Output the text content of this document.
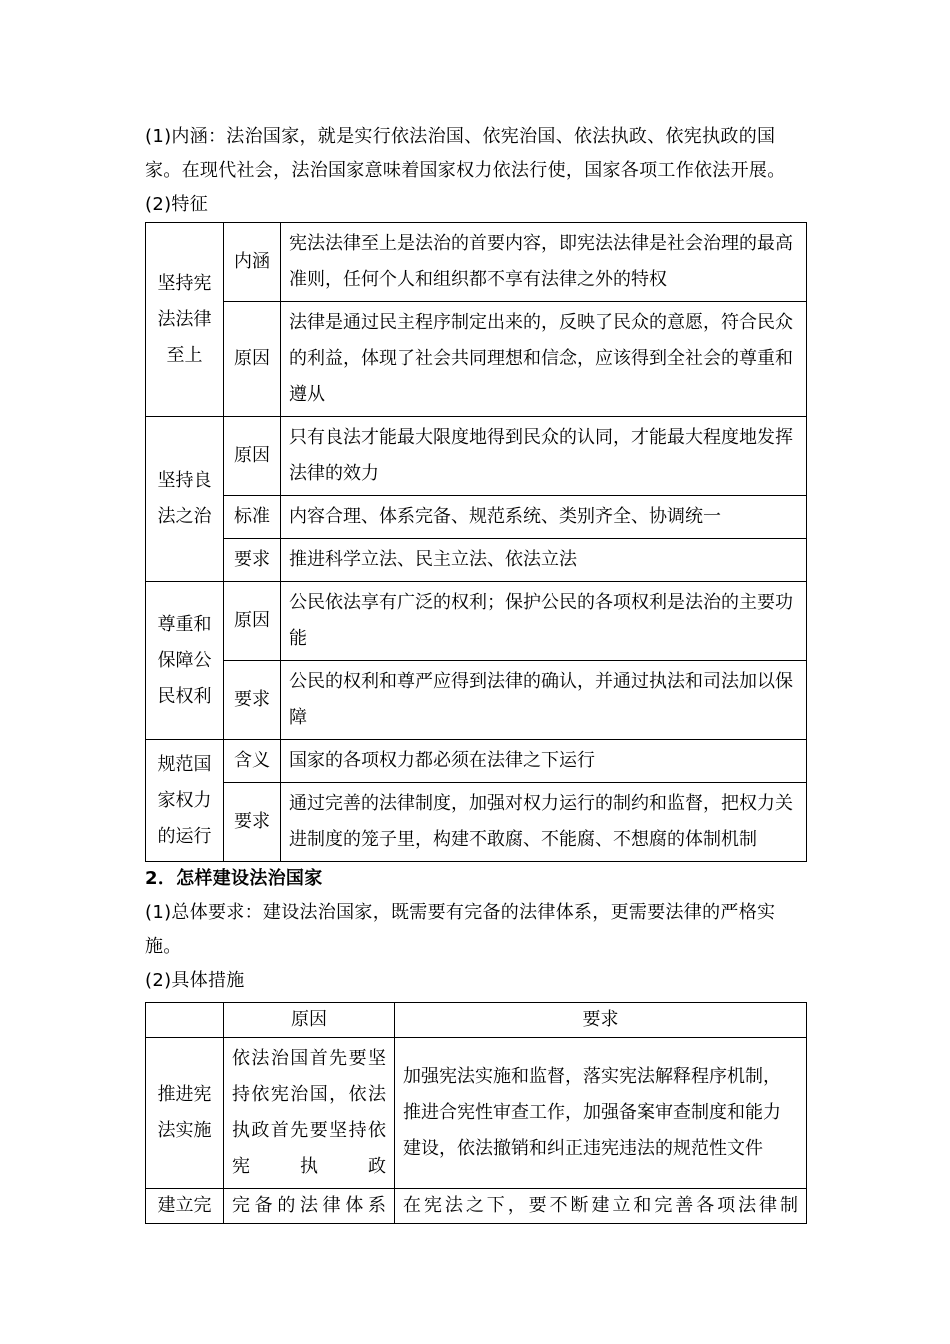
(1)内涵：法治国家，就是实行依法治国、依宪治国、依法执政、依宪执政的国家。在现代社会，法治国家意味着国家权力依法行使，国家各项工作依法开展。

(2)特征

坚持宪法法律至上	内涵	宪法法律至上是法治的首要内容，即宪法法律是社会治理的最高准则，任何个人和组织都不享有法律之外的特权
	原因	法律是通过民主程序制定出来的，反映了民众的意愿，符合民众的利益，体现了社会共同理想和信念，应该得到全社会的尊重和遵从
坚持良法之治	原因	只有良法才能最大限度地得到民众的认同，才能最大程度地发挥法律的效力
	标准	内容合理、体系完备、规范系统、类别齐全、协调统一
	要求	推进科学立法、民主立法、依法立法
尊重和保障公民权利	原因	公民依法享有广泛的权利；保护公民的各项权利是法治的主要功能
	要求	公民的权利和尊严应得到法律的确认，并通过执法和司法加以保障
规范国家权力的运行	含义	国家的各项权力都必须在法律之下运行
	要求	通过完善的法律制度，加强对权力运行的制约和监督，把权力关进制度的笼子里，构建不敢腐、不能腐、不想腐的体制机制

2．怎样建设法治国家

(1)总体要求：建设法治国家，既需要有完备的法律体系，更需要法律的严格实施。

(2)具体措施

	原因	要求
推进宪法实施	依法治国首先要坚持依宪治国，依法执政首先要坚持依宪执政	加强宪法实施和监督，落实宪法解释程序机制，推进合宪性审查工作，加强备案审查制度和能力建设，依法撤销和纠正违宪违法的规范性文件
建立完	完备的法律体系	在宪法之下，要不断建立和完善各项法律制
